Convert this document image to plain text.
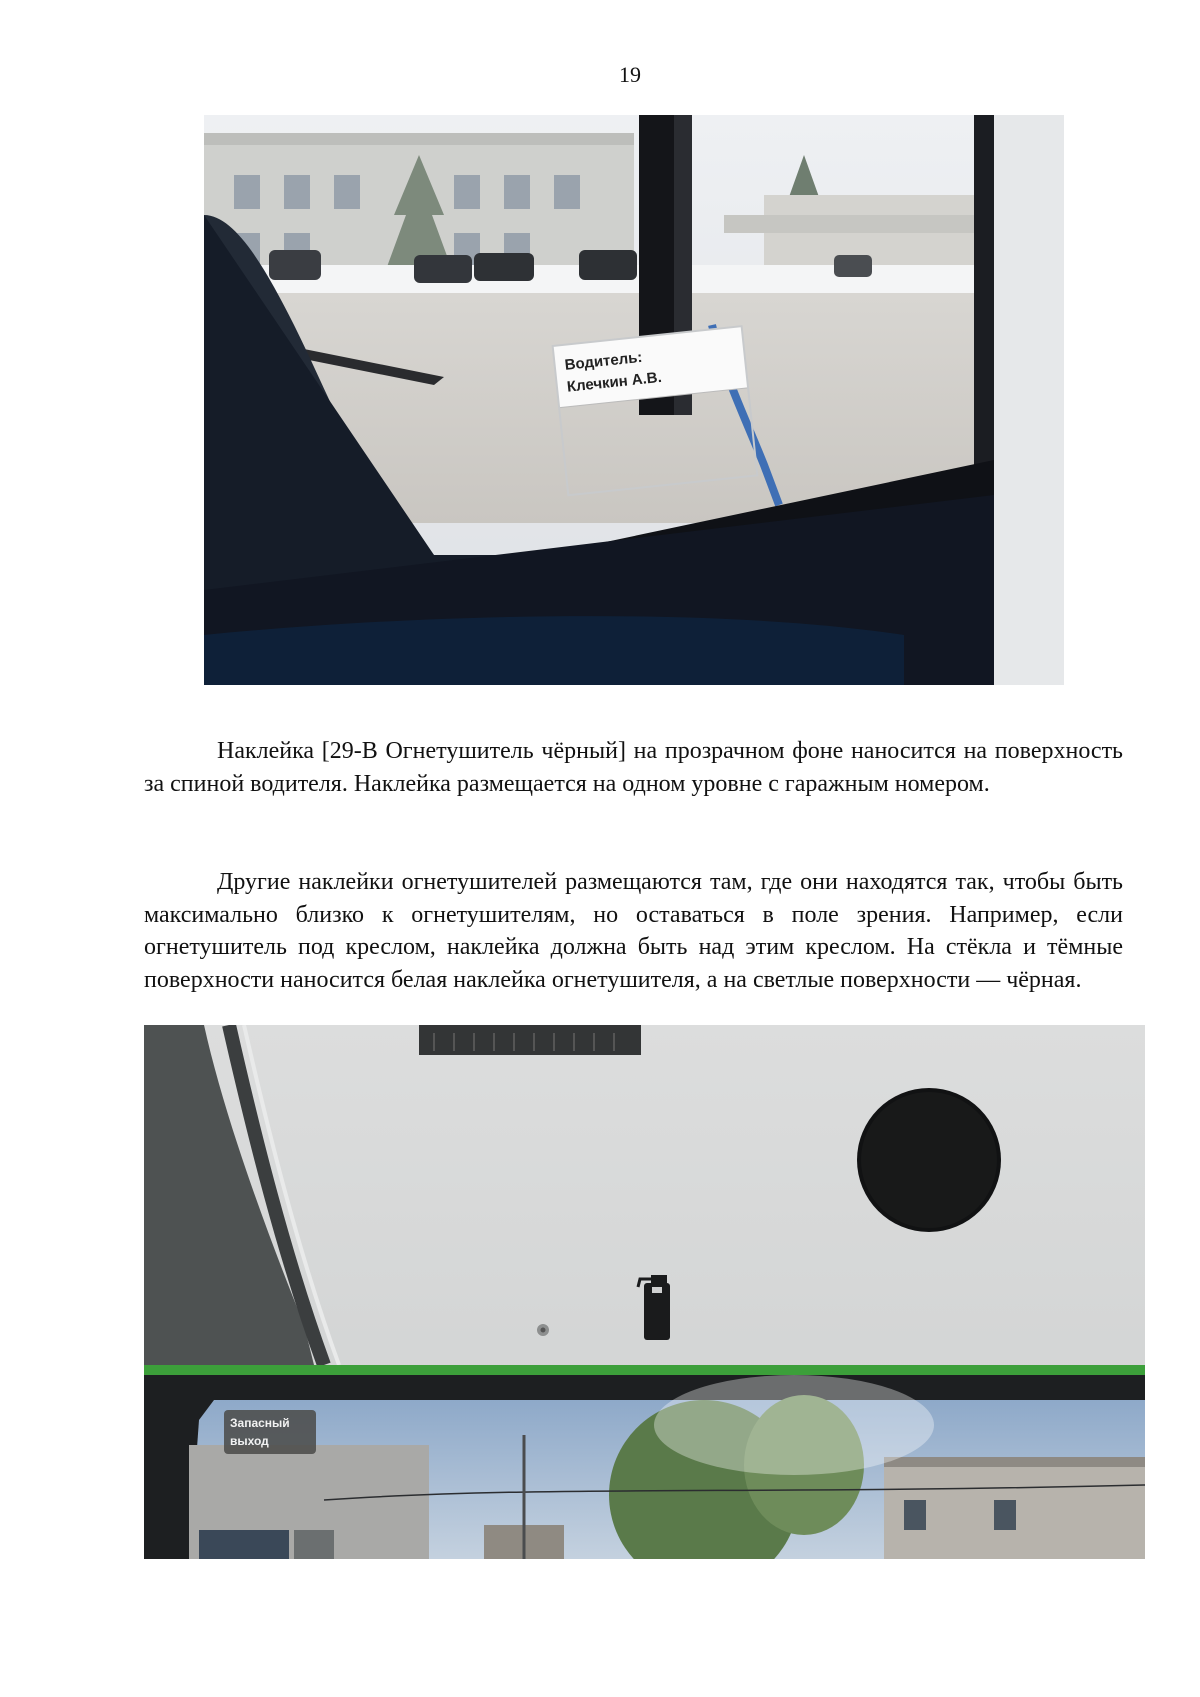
19
Водитель:
Клечкин А.В.

Наклейка [29-В Огнетушитель чёрный] на прозрачном фоне наносится на поверхность за спиной водителя. Наклейка размещается на одном уровне с гаражным номером.

Другие наклейки огнетушителей размещаются там, где они находятся так, чтобы быть максимально близко к огнетушителям, но оставаться в поле зрения. Например, если огнетушитель под креслом, наклейка должна быть над этим креслом. На стёкла и тёмные поверхности наносится белая наклейка огнетушителя, а на светлые поверхности — чёрная.

Запасный
выход
